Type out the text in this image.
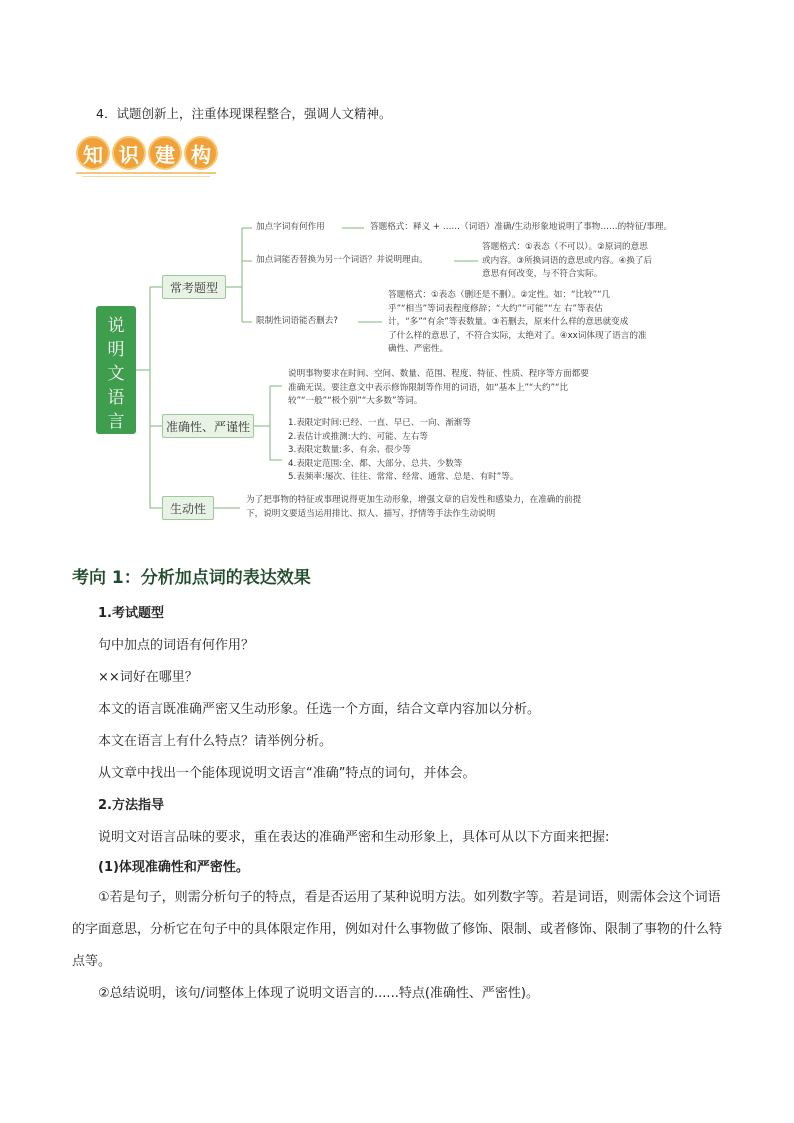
4．试题创新上，注重体现课程整合，强调人文精神。
知 识 建 构
说
明
文
语
言
常考题型
准确性、严谨性
生动性
加点字词有何作用	答题格式：释义 + ……（词语）准确/生动形象地说明了事物……的特征/事理。
加点词能否替换为另一个词语？并说明理由。
答题格式：①表态（不可以）。②原词的意思
或内容。③所换词语的意思或内容。④换了后
意思有何改变，与不符合实际。
限制性词语能否删去?
答题格式：①表态（删还是不删）。②定性。如：“比较”“几
乎”“相当”等词表程度修辞；“大约”“可能”“左 右”等表估
计，“多”“有余”等表数量。③若删去，原来什么样的意思就变成
了什么样的意思了，不符合实际，太绝对了。④xx词体现了语言的准
确性、严密性。
说明事物要求在时间、空间、数量、范围、程度、特征、性质、程序等方面都要
准确无误。要注意文中表示修饰限制等作用的词语，如“基本上”“大约”“比
较”“一般”“极个别”“大多数”等词。
1.表限定时间:已经、一直、早已、一向、渐渐等
2.表估计或推测:大约、可能、左右等
3.表限定数量:多、有余、很少等
4.表限定范围:全、都、大部分、总共、少数等
5.表频率:屡次、往往、常常、经常、通常、总是、有时”等。
为了把事物的特征或事理说得更加生动形象，增强文章的启发性和感染力，在准确的前提
下，说明文要适当运用排比、拟人、描写、抒情等手法作生动说明
考向 1：分析加点词的表达效果
1.考试题型
句中加点的词语有何作用？
××词好在哪里？
本文的语言既准确严密又生动形象。任选一个方面，结合文章内容加以分析。
本文在语言上有什么特点？请举例分析。
从文章中找出一个能体现说明文语言“准确”特点的词句，并体会。
2.方法指导
说明文对语言品味的要求，重在表达的准确严密和生动形象上，具体可从以下方面来把握:
(1)体现准确性和严密性。
①若是句子，则需分析句子的特点，看是否运用了某种说明方法。如列数字等。若是词语，则需体会这个词语的字面意思，分析它在句子中的具体限定作用，例如对什么事物做了修饰、限制、或者修饰、限制了事物的什么特点等。
②总结说明，该句/词整体上体现了说明文语言的......特点(准确性、严密性)。
